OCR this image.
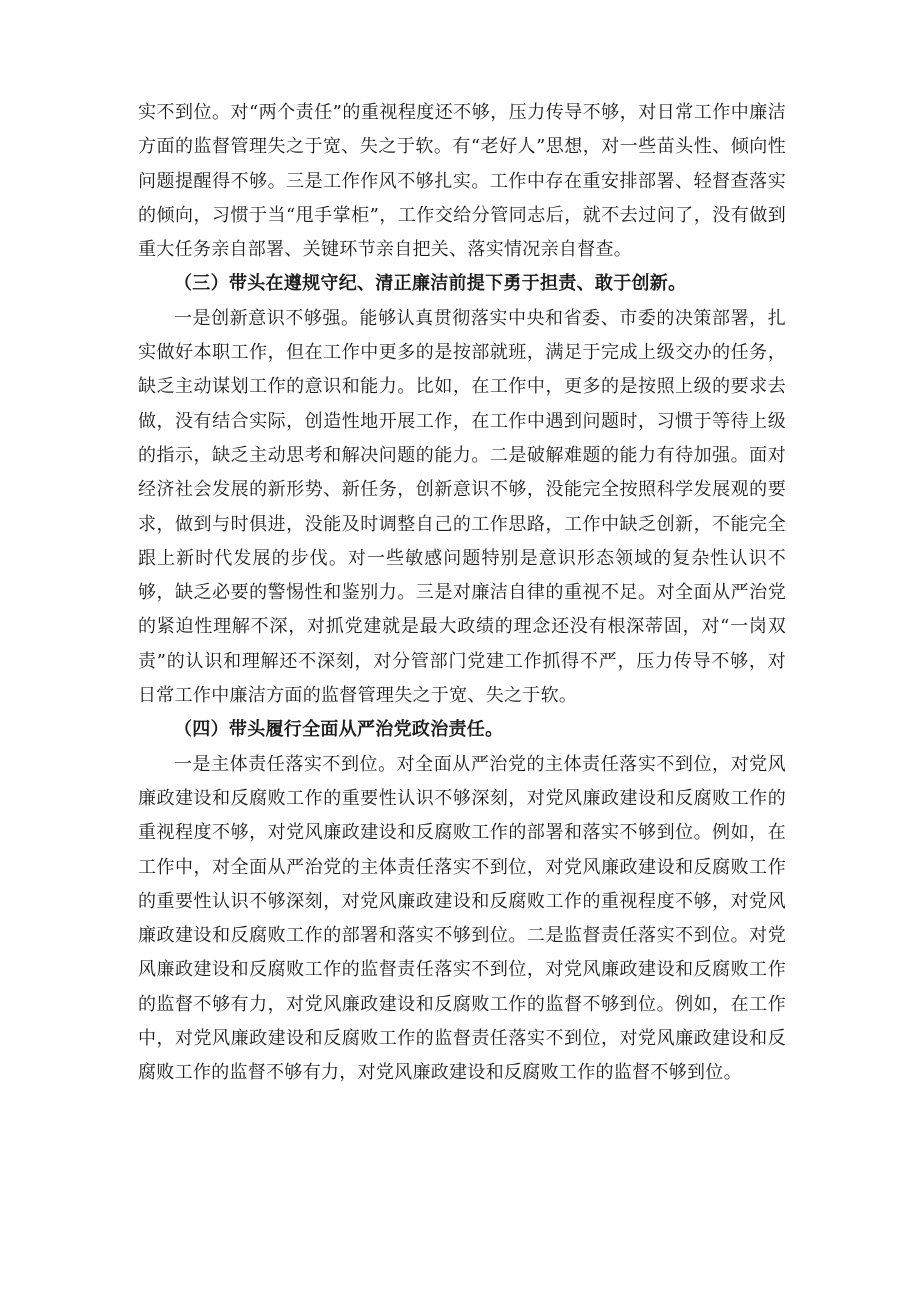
实不到位。对“两个责任”的重视程度还不够，压力传导不够，对日常工作中廉洁方面的监督管理失之于宽、失之于软。有“老好人”思想，对一些苗头性、倾向性问题提醒得不够。三是工作作风不够扎实。工作中存在重安排部署、轻督查落实的倾向，习惯于当“甩手掌柜”，工作交给分管同志后，就不去过问了，没有做到重大任务亲自部署、关键环节亲自把关、落实情况亲自督查。

（三）带头在遵规守纪、清正廉洁前提下勇于担责、敢于创新。

一是创新意识不够强。能够认真贯彻落实中央和省委、市委的决策部署，扎实做好本职工作，但在工作中更多的是按部就班，满足于完成上级交办的任务，缺乏主动谋划工作的意识和能力。比如，在工作中，更多的是按照上级的要求去做，没有结合实际，创造性地开展工作，在工作中遇到问题时，习惯于等待上级的指示，缺乏主动思考和解决问题的能力。二是破解难题的能力有待加强。面对经济社会发展的新形势、新任务，创新意识不够，没能完全按照科学发展观的要求，做到与时俱进，没能及时调整自己的工作思路，工作中缺乏创新，不能完全跟上新时代发展的步伐。对一些敏感问题特别是意识形态领域的复杂性认识不够，缺乏必要的警惕性和鉴别力。三是对廉洁自律的重视不足。对全面从严治党的紧迫性理解不深，对抓党建就是最大政绩的理念还没有根深蒂固，对“一岗双责”的认识和理解还不深刻，对分管部门党建工作抓得不严，压力传导不够，对日常工作中廉洁方面的监督管理失之于宽、失之于软。

（四）带头履行全面从严治党政治责任。

一是主体责任落实不到位。对全面从严治党的主体责任落实不到位，对党风廉政建设和反腐败工作的重要性认识不够深刻，对党风廉政建设和反腐败工作的重视程度不够，对党风廉政建设和反腐败工作的部署和落实不够到位。例如，在工作中，对全面从严治党的主体责任落实不到位，对党风廉政建设和反腐败工作的重要性认识不够深刻，对党风廉政建设和反腐败工作的重视程度不够，对党风廉政建设和反腐败工作的部署和落实不够到位。二是监督责任落实不到位。对党风廉政建设和反腐败工作的监督责任落实不到位，对党风廉政建设和反腐败工作的监督不够有力，对党风廉政建设和反腐败工作的监督不够到位。例如，在工作中，对党风廉政建设和反腐败工作的监督责任落实不到位，对党风廉政建设和反腐败工作的监督不够有力，对党风廉政建设和反腐败工作的监督不够到位。
